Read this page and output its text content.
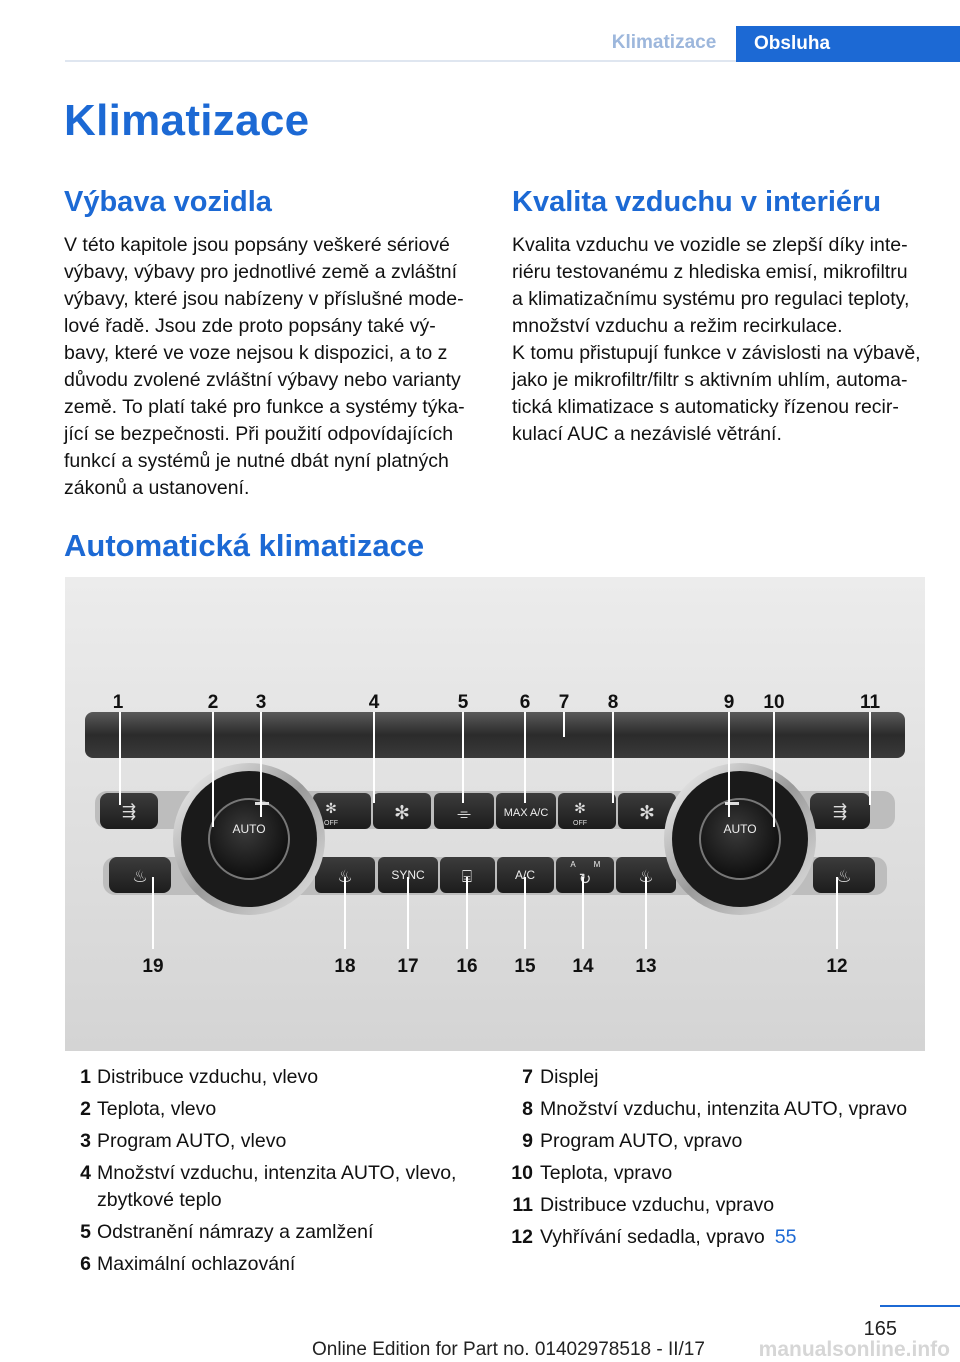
Klimatizace	Obsluha
Klimatizace
Výbava vozidla
V této kapitole jsou popsány veškeré sériové
výbavy, výbavy pro jednotlivé země a zvláštní
výbavy, které jsou nabízeny v příslušné mode‐
lové řadě. Jsou zde proto popsány také vý‐
bavy, které ve voze nejsou k dispozici, a to z
důvodu zvolené zvláštní výbavy nebo varianty
země. To platí také pro funkce a systémy týka‐
jící se bezpečnosti. Při použití odpovídajících
funkcí a systémů je nutné dbát nyní platných
zákonů a ustanovení.
Kvalita vzduchu v interiéru
Kvalita vzduchu ve vozidle se zlepší díky inte‐
riéru testovanému z hlediska emisí, mikrofiltru
a klimatizačnímu systému pro regulaci teploty,
množství vzduchu a režim recirkulace.
K tomu přistupují funkce v závislosti na výbavě,
jako je mikrofiltr/filtr s aktivním uhlím, automa‐
tická klimatizace s automaticky řízenou recir‐
kulací AUC a nezávislé větrání.
Automatická klimatizace
AUTO	AUTO
⇶	✻
OFF	✻	⌯	MAX A/C ✻
OFF	✻	⇶
♨	♨	SYNC ⌸	A/C
A M
↻	♨	♨
1	2 3	4	5	6 7 8	9 10	11
19	18 17 16 15 14 13	12
1 Distribuce vzduchu, vlevo
2 Teplota, vlevo
3 Program AUTO, vlevo
4 Množství vzduchu, intenzita AUTO, vlevo,
zbytkové teplo
5 Odstranění námrazy a zamlžení
6 Maximální ochlazování
7 Displej
8 Množství vzduchu, intenzita AUTO, vpravo
9 Program AUTO, vpravo
10 Teplota, vpravo
11 Distribuce vzduchu, vpravo
12 Vyhřívání sedadla, vpravo 55
165
Online Edition for Part no. 01402978518 - II/17	manualsonline.info
